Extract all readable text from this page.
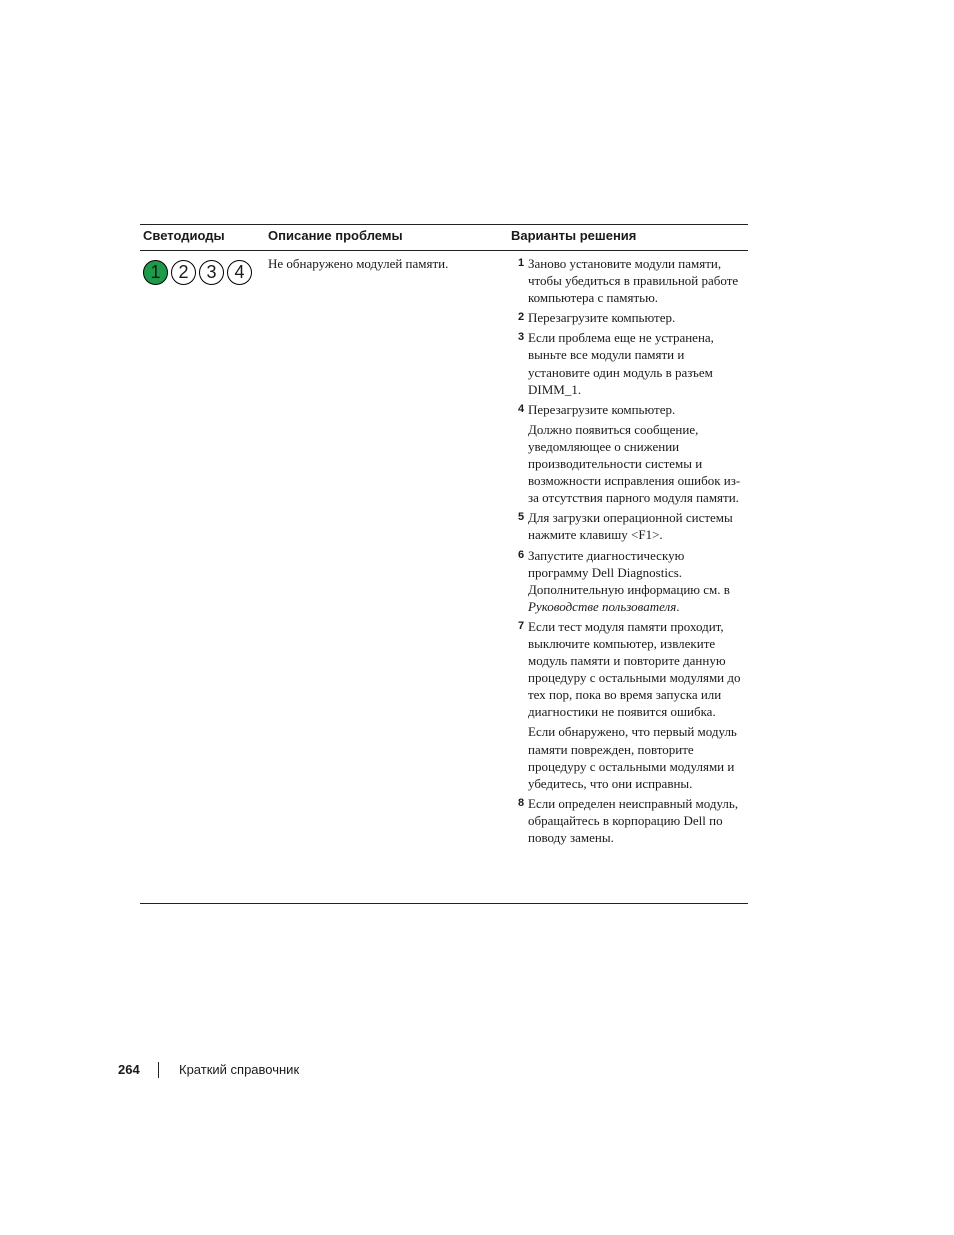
Светодиоды	Описание проблемы	Варианты решения
1 2 3 4	Не обнаружено модулей памяти.	1 Заново установите модули памяти, чтобы убедиться в правильной работе компьютера с памятью.
2 Перезагрузите компьютер.
3 Если проблема еще не устранена, выньте все модули памяти и установите один модуль в разъем DIMM_1.
4 Перезагрузите компьютер.
Должно появиться сообщение, уведомляющее о снижении производительности системы и возможности исправления ошибок из-за отсутствия парного модуля памяти.
5 Для загрузки операционной системы нажмите клавишу <F1>.
6 Запустите диагностическую программу Dell Diagnostics. Дополнительную информацию см. в Руководстве пользователя.
7 Если тест модуля памяти проходит, выключите компьютер, извлеките модуль памяти и повторите данную процедуру с остальными модулями до тех пор, пока во время запуска или диагностики не появится ошибка.
Если обнаружено, что первый модуль памяти поврежден, повторите процедуру с остальными модулями и убедитесь, что они исправны.
8 Если определен неисправный модуль, обращайтесь в корпорацию Dell по поводу замены.
264	Краткий справочник
